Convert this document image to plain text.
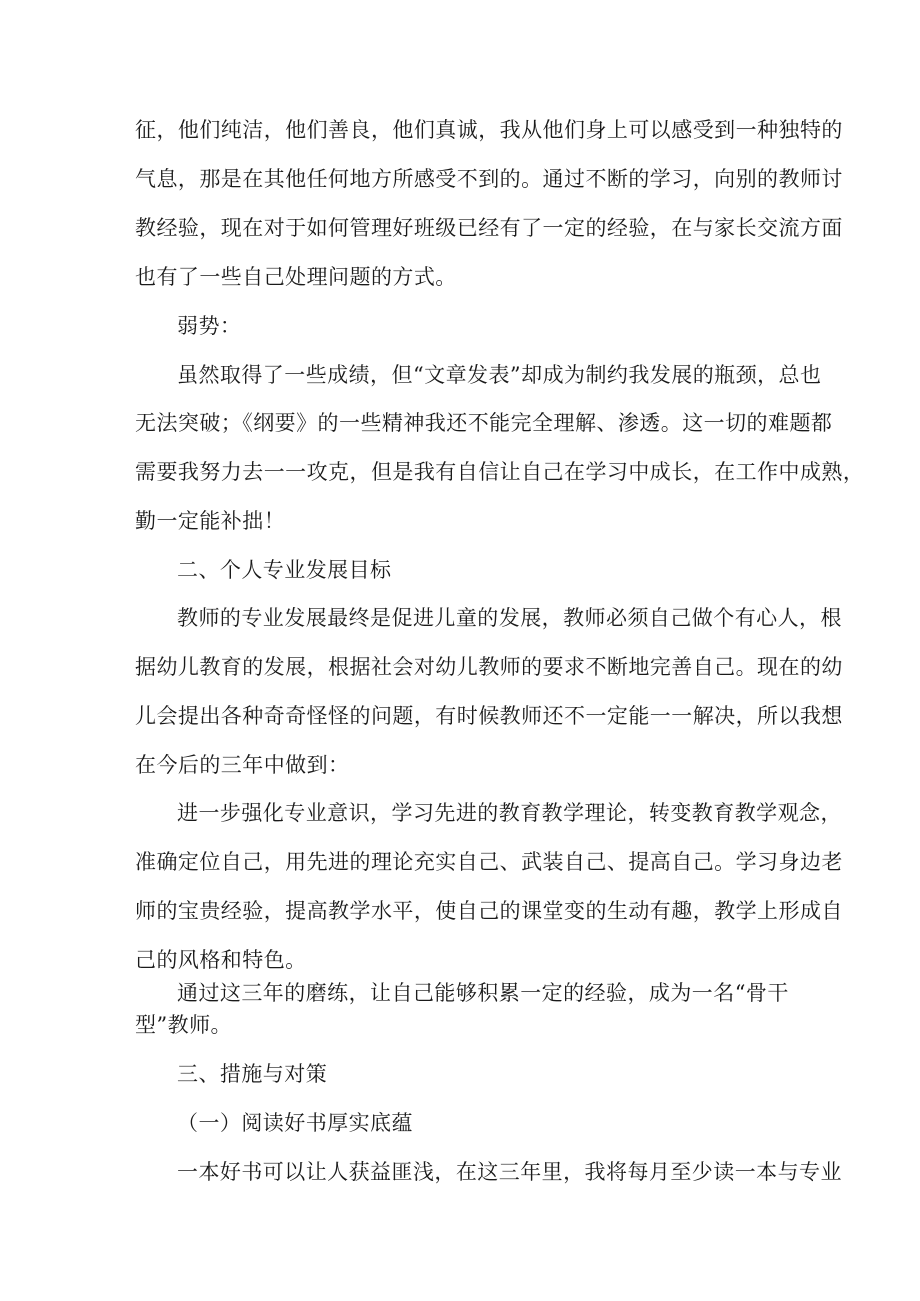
征，他们纯洁，他们善良，他们真诚，我从他们身上可以感受到一种独特的

气息，那是在其他任何地方所感受不到的。通过不断的学习，向别的教师讨

教经验，现在对于如何管理好班级已经有了一定的经验，在与家长交流方面

也有了一些自己处理问题的方式。

弱势：

虽然取得了一些成绩，但“文章发表”却成为制约我发展的瓶颈，总也

无法突破；《纲要》的一些精神我还不能完全理解、渗透。这一切的难题都

需要我努力去一一攻克，但是我有自信让自己在学习中成长，在工作中成熟，

勤一定能补拙！

二、个人专业发展目标

教师的专业发展最终是促进儿童的发展，教师必须自己做个有心人，根

据幼儿教育的发展，根据社会对幼儿教师的要求不断地完善自己。现在的幼

儿会提出各种奇奇怪怪的问题，有时候教师还不一定能一一解决，所以我想

在今后的三年中做到：

进一步强化专业意识，学习先进的教育教学理论，转变教育教学观念，

准确定位自己，用先进的理论充实自己、武装自己、提高自己。学习身边老

师的宝贵经验，提高教学水平，使自己的课堂变的生动有趣，教学上形成自

己的风格和特色。

通过这三年的磨练，让自己能够积累一定的经验，成为一名“骨干

型”教师。

三、措施与对策

（一）阅读好书厚实底蕴

一本好书可以让人获益匪浅，在这三年里，我将每月至少读一本与专业
